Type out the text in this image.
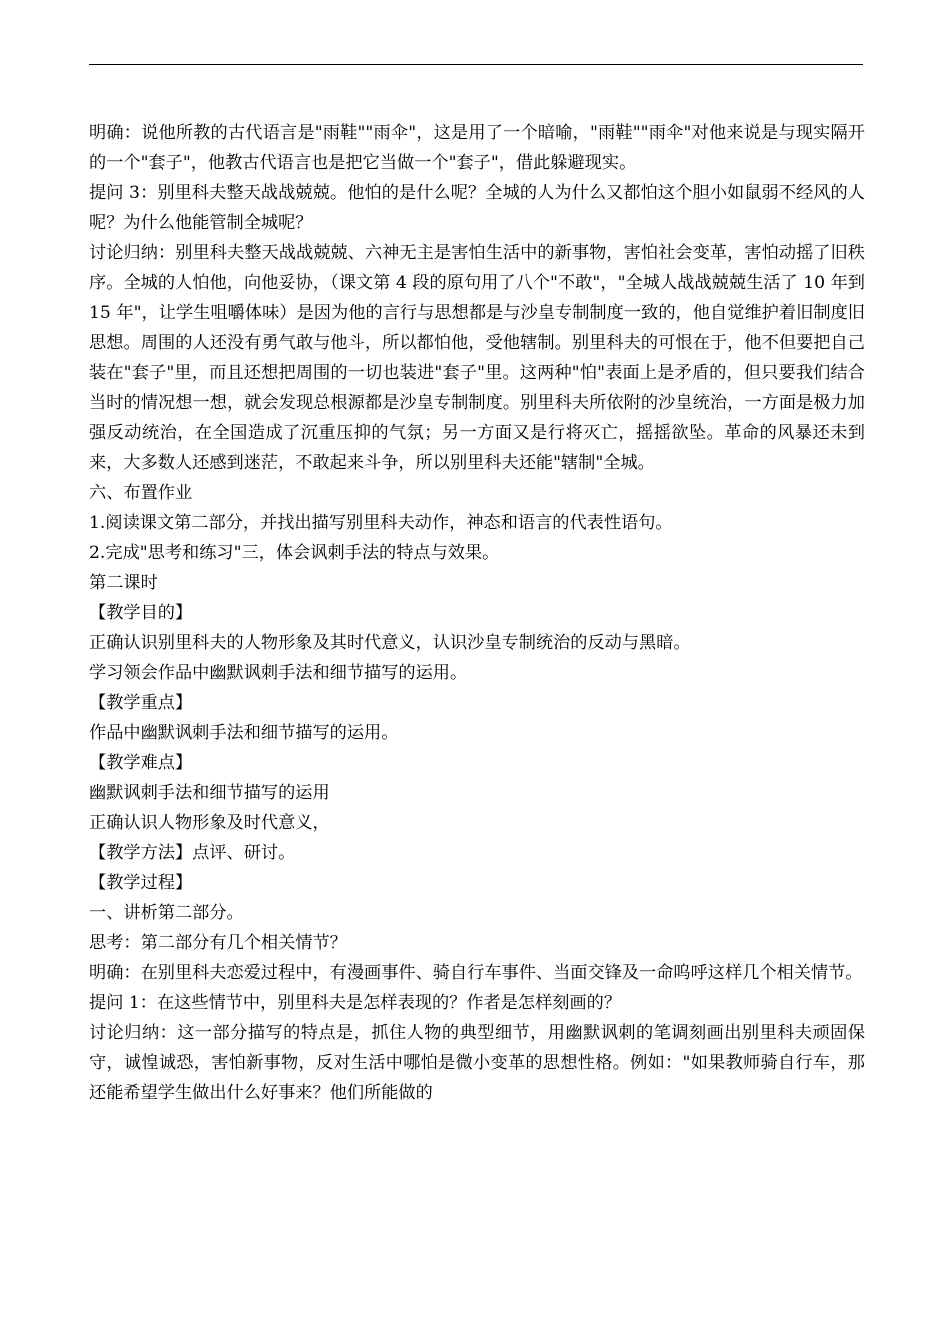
明确：说他所教的古代语言是"雨鞋""雨伞"，这是用了一个暗喻，"雨鞋""雨伞"对他来说是与现实隔开的一个"套子"，他教古代语言也是把它当做一个"套子"，借此躲避现实。

提问 3：别里科夫整天战战兢兢。他怕的是什么呢？全城的人为什么又都怕这个胆小如鼠弱不经风的人呢？为什么他能管制全城呢？

讨论归纳：别里科夫整天战战兢兢、六神无主是害怕生活中的新事物，害怕社会变革，害怕动摇了旧秩序。全城的人怕他，向他妥协，（课文第 4 段的原句用了八个"不敢"，"全城人战战兢兢生活了 10 年到 15 年"，让学生咀嚼体味）是因为他的言行与思想都是与沙皇专制制度一致的，他自觉维护着旧制度旧思想。周围的人还没有勇气敢与他斗，所以都怕他，受他辖制。别里科夫的可恨在于，他不但要把自己装在"套子"里，而且还想把周围的一切也装进"套子"里。这两种"怕"表面上是矛盾的，但只要我们结合当时的情况想一想，就会发现总根源都是沙皇专制制度。别里科夫所依附的沙皇统治，一方面是极力加强反动统治，在全国造成了沉重压抑的气氛；另一方面又是行将灭亡，摇摇欲坠。革命的风暴还未到来，大多数人还感到迷茫，不敢起来斗争，所以别里科夫还能"辖制"全城。

六、布置作业

1.阅读课文第二部分，并找出描写别里科夫动作，神态和语言的代表性语句。

2.完成"思考和练习"三，体会讽刺手法的特点与效果。

第二课时

【教学目的】

正确认识别里科夫的人物形象及其时代意义，认识沙皇专制统治的反动与黑暗。

学习领会作品中幽默讽刺手法和细节描写的运用。

【教学重点】

作品中幽默讽刺手法和细节描写的运用。

【教学难点】

幽默讽刺手法和细节描写的运用

正确认识人物形象及时代意义，

【教学方法】点评、研讨。

【教学过程】

一、讲析第二部分。

思考：第二部分有几个相关情节？

明确：在别里科夫恋爱过程中，有漫画事件、骑自行车事件、当面交锋及一命呜呼这样几个相关情节。

提问 1：在这些情节中，别里科夫是怎样表现的？作者是怎样刻画的？

讨论归纳：这一部分描写的特点是，抓住人物的典型细节，用幽默讽刺的笔调刻画出别里科夫顽固保守，诚惶诚恐，害怕新事物，反对生活中哪怕是微小变革的思想性格。例如："如果教师骑自行车，那还能希望学生做出什么好事来？他们所能做的
